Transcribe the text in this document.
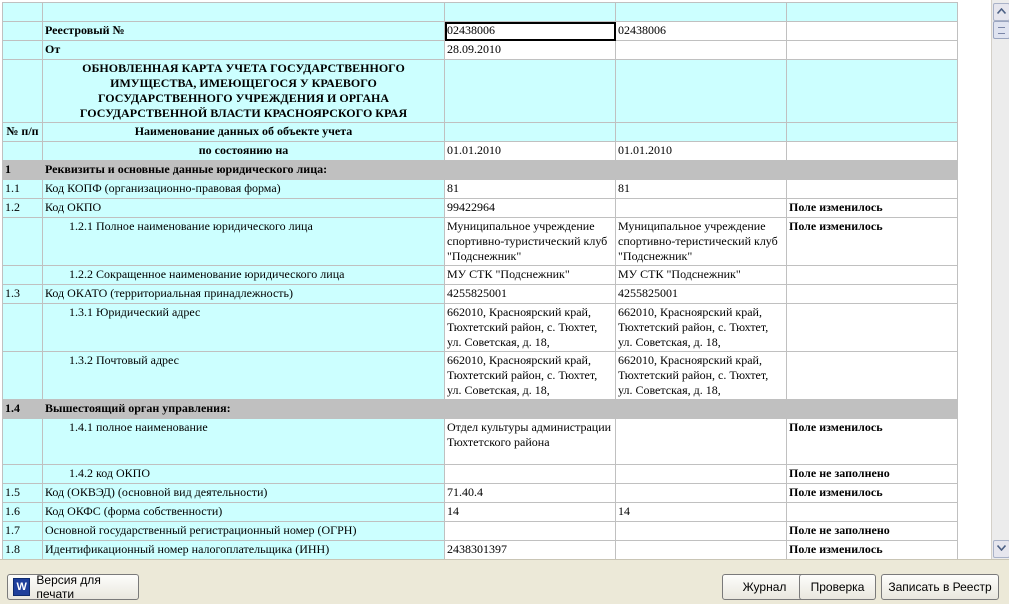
	Реестровый №	02438006	02438006	
	От	28.09.2010		
	ОБНОВЛЕННАЯ КАРТА УЧЕТА ГОСУДАРСТВЕННОГО ИМУЩЕСТВА, ИМЕЮЩЕГОСЯ У КРАЕВОГО ГОСУДАРСТВЕННОГО УЧРЕЖДЕНИЯ И ОРГАНА ГОСУДАРСТВЕННОЙ ВЛАСТИ КРАСНОЯРСКОГО КРАЯ			
№ п/п	Наименование данных об объекте учета			
	по состоянию на	01.01.2010	01.01.2010	
1	Реквизиты и основные данные юридического лица:			
1.1	Код КОПФ (организационно-правовая форма)	81	81	
1.2	Код ОКПО	99422964		Поле изменилось
	1.2.1 Полное наименование юридического лица	Муниципальное учреждение спортивно-туристический клуб "Подснежник"	Муниципальное учреждение спортивно-теристический клуб "Подснежник"	Поле изменилось
	1.2.2 Сокращенное наименование юридического лица	МУ СТК "Подснежник"	МУ СТК "Подснежник"	
1.3	Код ОКАТО (территориальная принадлежность)	4255825001	4255825001	
	1.3.1 Юридический адрес	662010, Красноярский край, Тюхтетский район, с. Тюхтет, ул. Советская, д. 18,	662010, Красноярский край, Тюхтетский район, с. Тюхтет, ул. Советская, д. 18,	
	1.3.2 Почтовый адрес	662010, Красноярский край, Тюхтетский район, с. Тюхтет, ул. Советская, д. 18,	662010, Красноярский край, Тюхтетский район, с. Тюхтет, ул. Советская, д. 18,	
1.4	Вышестоящий орган управления:			
	1.4.1 полное наименование	Отдел культуры администрации Тюхтетского района		Поле изменилось
	1.4.2 код ОКПО			Поле не заполнено
1.5	Код (ОКВЭД) (основной вид деятельности)	71.40.4		Поле изменилось
1.6	Код ОКФС (форма собственности)	14	14	
1.7	Основной государственный регистрационный номер (ОГРН)			Поле не заполнено
1.8	Идентификационный номер налогоплательщика (ИНН)	2438301397		Поле изменилось

W Версия для печати	Журнал Проверка Записать в Реестр
